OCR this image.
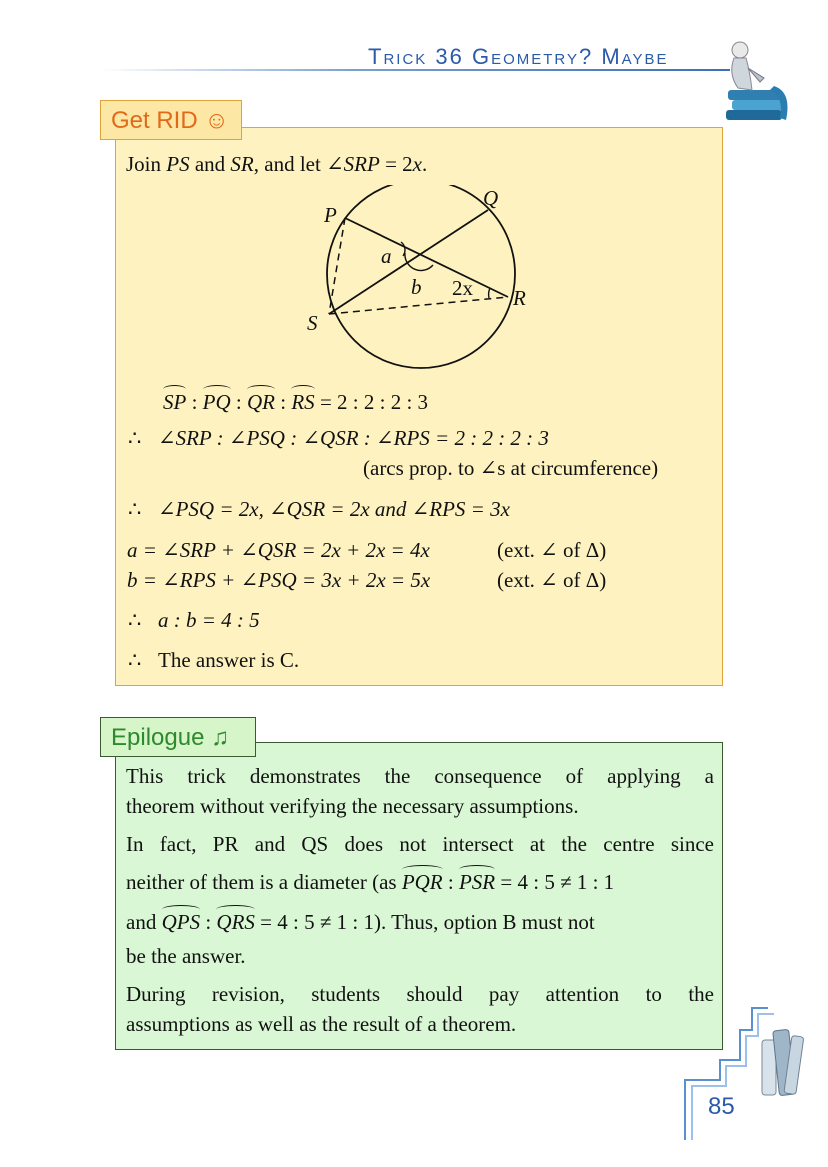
Trick 36 Geometry? Maybe
Get RID ☺
Join PS and SR, and let ∠SRP = 2x.
P
Q
R
S
a
b 2x
SP : PQ : QR : RS = 2 : 2 : 2 : 3
∴ ∠SRP : ∠PSQ : ∠QSR : ∠RPS = 2 : 2 : 2 : 3
(arcs prop. to ∠s at circumference)
∴ ∠PSQ = 2x, ∠QSR = 2x and ∠RPS = 3x
a = ∠SRP + ∠QSR = 2x + 2x = 4x	(ext. ∠ of Δ)
b = ∠RPS + ∠PSQ = 3x + 2x = 5x	(ext. ∠ of Δ)
∴ a : b = 4 : 5
∴ The answer is C.
Epilogue ♫
This trick demonstrates the consequence of applying a
theorem without verifying the necessary assumptions.
In fact, PR and QS does not intersect at the centre since
neither of them is a diameter (as PQR : PSR = 4 : 5 ≠ 1 : 1
and QPS : QRS = 4 : 5 ≠ 1 : 1). Thus, option B must not
be the answer.
During revision, students should pay attention to the
assumptions as well as the result of a theorem.
85
